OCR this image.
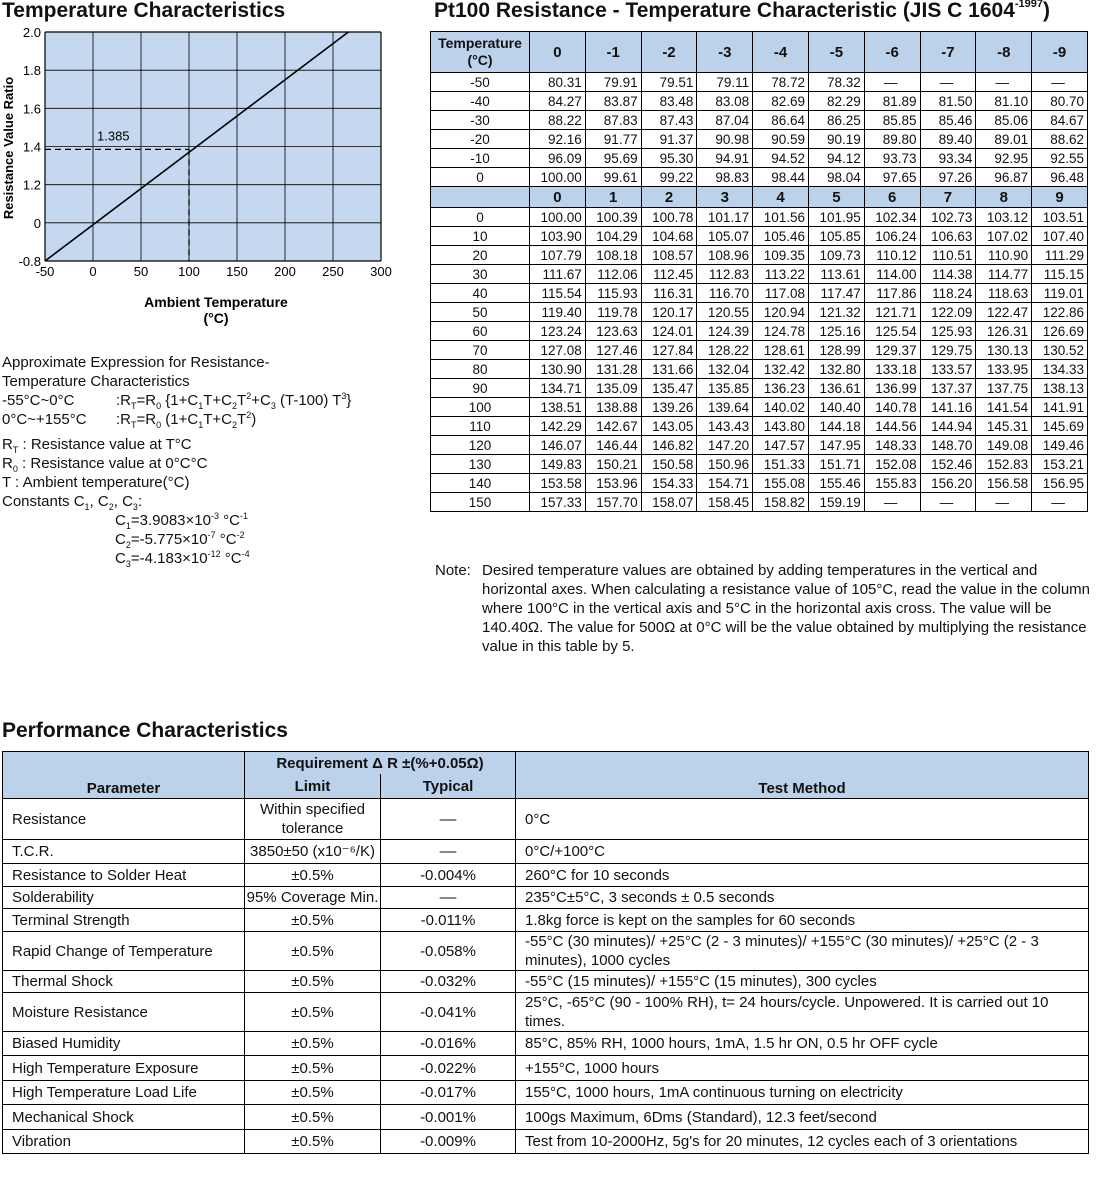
Temperature Characteristics	Pt100 Resistance - Temperature Characteristic (JIS C $1604^{-1997}$)
-50	0	50 100 150 200 250 300
-0.8
0
1.2
1.4
1.6
1.8
2.0
1.385
Resistance Value Ratio
Ambient Temperature
(°C)
Approximate Expression for Resistance-
Temperature Characteristics
-55°C~0°C	$:R_T=R_0$ {$1+C_1T+C_2T^2+C_3$ (T-100) $T^3$}
0°C~+155°C $:R_T=R_0$ $(1+C_1T+C_2T^2)$
$R_T$ : Resistance value at T°C
$R_0$ : Resistance value at 0°C°C
T : Ambient temperature(°C)
Constants $C_1$, $C_2$, $C_3$:
$C_1=3.9083\times 10^{-3}$ $^\circ C^{-1}$
$C_2=-5.775\times 10^{-7}$ $^\circ C^{-2}$
$C_3=-4.183\times 10^{-12}$ $^\circ C^{-4}$
Temperature
(°C)	0	-1	-2	-3	-4	-5	-6	-7	-8	-9
-50	80.31	79.91	79.51	79.11	78.72	78.32	—	—	—	—
-40	84.27	83.87	83.48	83.08	82.69	82.29	81.89	81.50	81.10	80.70
-30	88.22	87.83	87.43	87.04	86.64	86.25	85.85	85.46	85.06	84.67
-20	92.16	91.77	91.37	90.98	90.59	90.19	89.80	89.40	89.01	88.62
-10	96.09	95.69	95.30	94.91	94.52	94.12	93.73	93.34	92.95	92.55
0	100.00	99.61	99.22	98.83	98.44	98.04	97.65	97.26	96.87	96.48
	0	1	2	3	4	5	6	7	8	9
0	100.00	100.39	100.78	101.17	101.56	101.95	102.34	102.73	103.12	103.51
10	103.90	104.29	104.68	105.07	105.46	105.85	106.24	106.63	107.02	107.40
20	107.79	108.18	108.57	108.96	109.35	109.73	110.12	110.51	110.90	111.29
30	111.67	112.06	112.45	112.83	113.22	113.61	114.00	114.38	114.77	115.15
40	115.54	115.93	116.31	116.70	117.08	117.47	117.86	118.24	118.63	119.01
50	119.40	119.78	120.17	120.55	120.94	121.32	121.71	122.09	122.47	122.86
60	123.24	123.63	124.01	124.39	124.78	125.16	125.54	125.93	126.31	126.69
70	127.08	127.46	127.84	128.22	128.61	128.99	129.37	129.75	130.13	130.52
80	130.90	131.28	131.66	132.04	132.42	132.80	133.18	133.57	133.95	134.33
90	134.71	135.09	135.47	135.85	136.23	136.61	136.99	137.37	137.75	138.13
100	138.51	138.88	139.26	139.64	140.02	140.40	140.78	141.16	141.54	141.91
110	142.29	142.67	143.05	143.43	143.80	144.18	144.56	144.94	145.31	145.69
120	146.07	146.44	146.82	147.20	147.57	147.95	148.33	148.70	149.08	149.46
130	149.83	150.21	150.58	150.96	151.33	151.71	152.08	152.46	152.83	153.21
140	153.58	153.96	154.33	154.71	155.08	155.46	155.83	156.20	156.58	156.95
150	157.33	157.70	158.07	158.45	158.82	159.19	—	—	—	—
Note: Desired temperature values are obtained by adding temperatures in the vertical and horizontal axes. When calculating a resistance value of 105°C, read the value in the column where 100°C in the vertical axis and 5°C in the horizontal axis cross. The value will be 140.40Ω. The value for 500Ω at 0°C will be the value obtained by multiplying the resistance value in this table by 5.
Performance Characteristics
Parameter	Requirement Δ R ±(%+0.05Ω)		Test Method
	Limit	Typical	
Resistance	Within specified tolerance	––	0°C
T.C.R.	3850±50 (x10⁻⁶/K)	––	0°C/+100°C
Resistance to Solder Heat	±0.5%	-0.004%	260°C for 10 seconds
Solderability	95% Coverage Min.	––	235°C±5°C, 3 seconds ± 0.5 seconds
Terminal Strength	±0.5%	-0.011%	1.8kg force is kept on the samples for 60 seconds
Rapid Change of Temperature	±0.5%	-0.058%	-55°C (30 minutes)/ +25°C (2 - 3 minutes)/ +155°C (30 minutes)/ +25°C (2 - 3 minutes), 1000 cycles
Thermal Shock	±0.5%	-0.032%	-55°C (15 minutes)/ +155°C (15 minutes), 300 cycles
Moisture Resistance	±0.5%	-0.041%	25°C, -65°C (90 - 100% RH), t= 24 hours/cycle. Unpowered. It is carried out 10 times.
Biased Humidity	±0.5%	-0.016%	85°C, 85% RH, 1000 hours, 1mA, 1.5 hr ON, 0.5 hr OFF cycle
High Temperature Exposure	±0.5%	-0.022%	+155°C, 1000 hours
High Temperature Load Life	±0.5%	-0.017%	155°C, 1000 hours, 1mA continuous turning on electricity
Mechanical Shock	±0.5%	-0.001%	100gs Maximum, 6Dms (Standard), 12.3 feet/second
Vibration	±0.5%	-0.009%	Test from 10-2000Hz, 5g's for 20 minutes, 12 cycles each of 3 orientations
